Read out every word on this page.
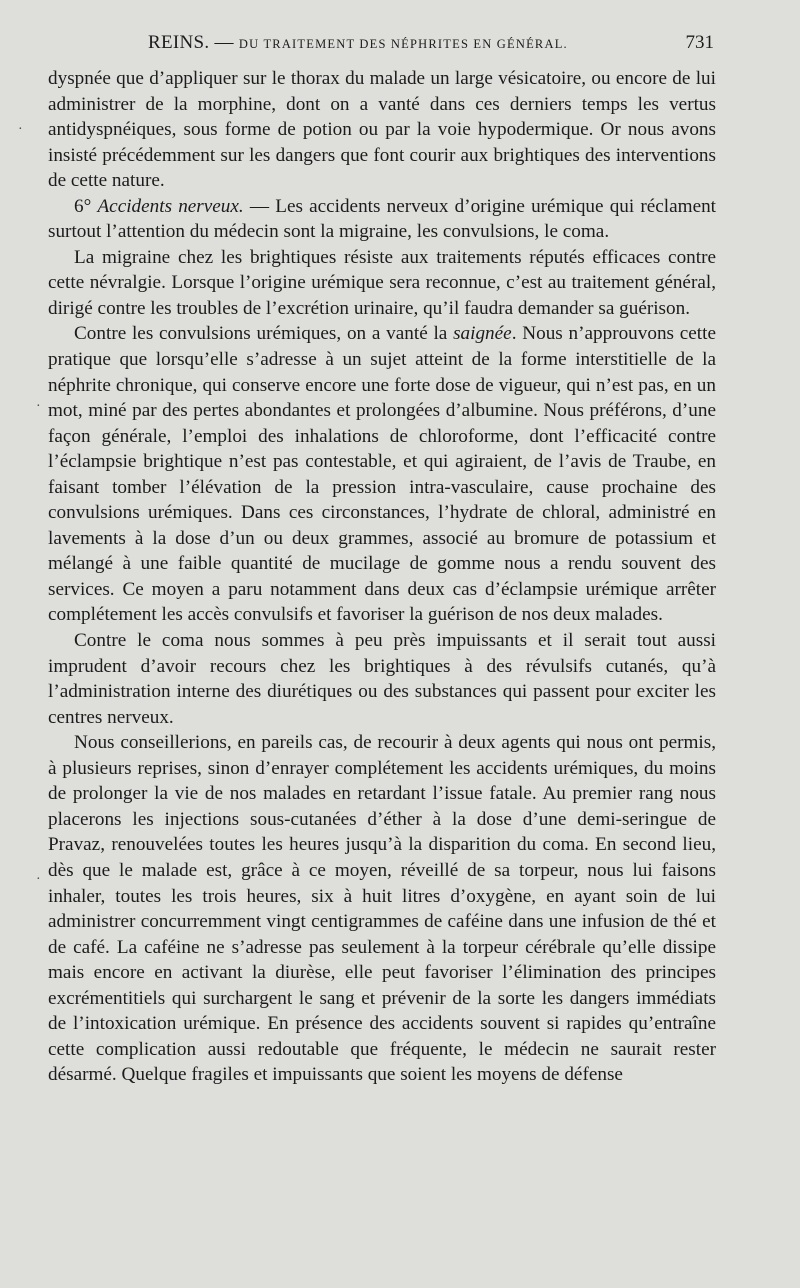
REINS. — DU TRAITEMENT DES NÉPHRITES EN GÉNÉRAL.	731

dyspnée que d’appliquer sur le thorax du malade un large vésicatoire, ou encore de lui administrer de la morphine, dont on a vanté dans ces derniers temps les vertus antidyspnéiques, sous forme de potion ou par la voie hypodermique. Or nous avons insisté précédemment sur les dangers que font courir aux brightiques des interventions de cette nature.

6° Accidents nerveux. — Les accidents nerveux d’origine urémique qui réclament surtout l’attention du médecin sont la migraine, les convulsions, le coma.

La migraine chez les brightiques résiste aux traitements réputés efficaces contre cette névralgie. Lorsque l’origine urémique sera reconnue, c’est au traitement général, dirigé contre les troubles de l’excrétion urinaire, qu’il faudra demander sa guérison.

Contre les convulsions urémiques, on a vanté la saignée. Nous n’approuvons cette pratique que lorsqu’elle s’adresse à un sujet atteint de la forme interstitielle de la néphrite chronique, qui conserve encore une forte dose de vigueur, qui n’est pas, en un mot, miné par des pertes abondantes et prolongées d’albumine. Nous préférons, d’une façon générale, l’emploi des inhalations de chloroforme, dont l’efficacité contre l’éclampsie brightique n’est pas contestable, et qui agiraient, de l’avis de Traube, en faisant tomber l’élévation de la pression intra-vasculaire, cause prochaine des convulsions urémiques. Dans ces circonstances, l’hydrate de chloral, administré en lavements à la dose d’un ou deux grammes, associé au bromure de potassium et mélangé à une faible quantité de mucilage de gomme nous a rendu souvent des services. Ce moyen a paru notamment dans deux cas d’éclampsie urémique arrêter complétement les accès convulsifs et favoriser la guérison de nos deux malades.

Contre le coma nous sommes à peu près impuissants et il serait tout aussi imprudent d’avoir recours chez les brightiques à des révulsifs cutanés, qu’à l’administration interne des diurétiques ou des substances qui passent pour exciter les centres nerveux.

Nous conseillerions, en pareils cas, de recourir à deux agents qui nous ont permis, à plusieurs reprises, sinon d’enrayer complétement les accidents urémiques, du moins de prolonger la vie de nos malades en retardant l’issue fatale. Au premier rang nous placerons les injections sous-cutanées d’éther à la dose d’une demi-seringue de Pravaz, renouvelées toutes les heures jusqu’à la disparition du coma. En second lieu, dès que le malade est, grâce à ce moyen, réveillé de sa torpeur, nous lui faisons inhaler, toutes les trois heures, six à huit litres d’oxygène, en ayant soin de lui administrer concurremment vingt centigrammes de caféine dans une infusion de thé et de café. La caféine ne s’adresse pas seulement à la torpeur cérébrale qu’elle dissipe mais encore en activant la diurèse, elle peut favoriser l’élimination des principes excrémentitiels qui surchargent le sang et prévenir de la sorte les dangers immédiats de l’intoxication urémique. En présence des accidents souvent si rapides qu’entraîne cette complication aussi redoutable que fréquente, le médecin ne saurait rester désarmé. Quelque fragiles et impuissants que soient les moyens de défense

·
·
·
